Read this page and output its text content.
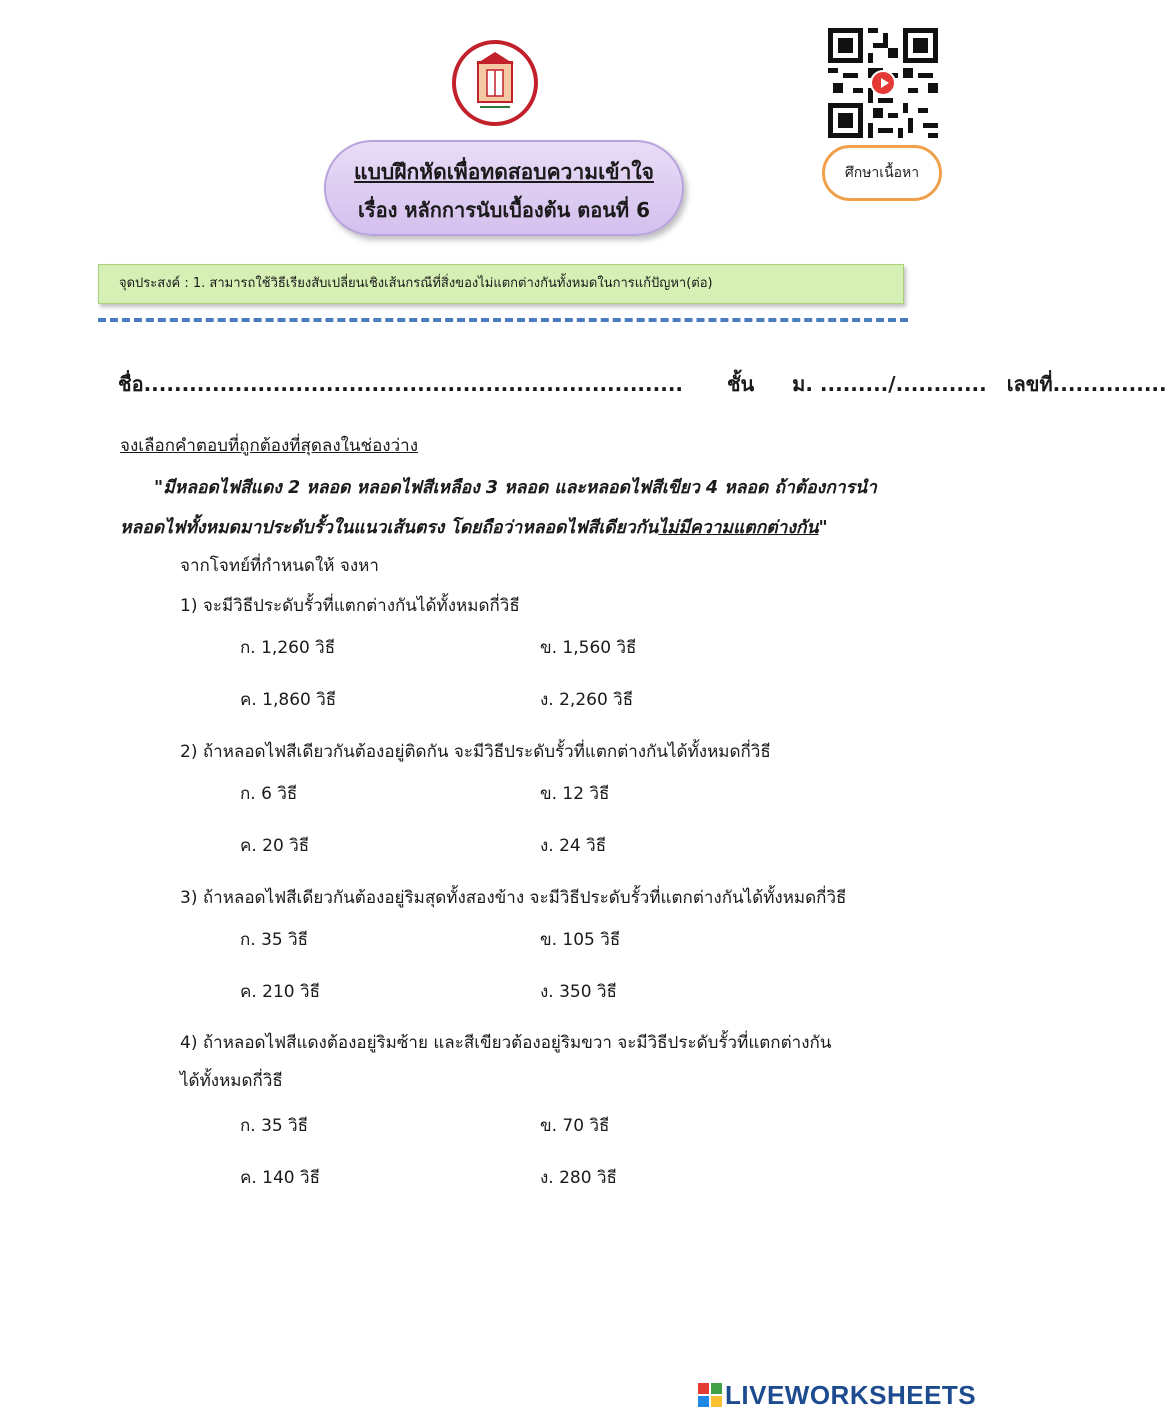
ศึกษาเนื้อหา
แบบฝึกหัดเพื่อทดสอบความเข้าใจ
เรื่อง หลักการนับเบื้องต้น ตอนที่ 6
จุดประสงค์ : 1. สามารถใช้วิธีเรียงสับเปลี่ยนเชิงเส้นกรณีที่สิ่งของไม่แตกต่างกันทั้งหมดในการแก้ปัญหา(ต่อ)
ชื่อ....................................................................... ชั้น ม. ........./............ เลขที่...............
จงเลือกคำตอบที่ถูกต้องที่สุดลงในช่องว่าง
"มีหลอดไฟสีแดง 2 หลอด หลอดไฟสีเหลือง 3 หลอด และหลอดไฟสีเขียว 4 หลอด ถ้าต้องการนำหลอดไฟทั้งหมดมาประดับรั้วในแนวเส้นตรง โดยถือว่าหลอดไฟสีเดียวกันไม่มีความแตกต่างกัน"
จากโจทย์ที่กำหนดให้ จงหา
1) จะมีวิธีประดับรั้วที่แตกต่างกันได้ทั้งหมดกี่วิธี
ก. 1,260 วิธี	ข. 1,560 วิธี
ค. 1,860 วิธี	ง. 2,260 วิธี
2) ถ้าหลอดไฟสีเดียวกันต้องอยู่ติดกัน จะมีวิธีประดับรั้วที่แตกต่างกันได้ทั้งหมดกี่วิธี
ก. 6 วิธี	ข. 12 วิธี
ค. 20 วิธี	ง. 24 วิธี
3) ถ้าหลอดไฟสีเดียวกันต้องอยู่ริมสุดทั้งสองข้าง จะมีวิธีประดับรั้วที่แตกต่างกันได้ทั้งหมดกี่วิธี
ก. 35 วิธี	ข. 105 วิธี
ค. 210 วิธี	ง. 350 วิธี
4) ถ้าหลอดไฟสีแดงต้องอยู่ริมซ้าย และสีเขียวต้องอยู่ริมขวา จะมีวิธีประดับรั้วที่แตกต่างกัน ได้ทั้งหมดกี่วิธี
ก. 35 วิธี	ข. 70 วิธี
ค. 140 วิธี	ง. 280 วิธี
LIVEWORKSHEETS
